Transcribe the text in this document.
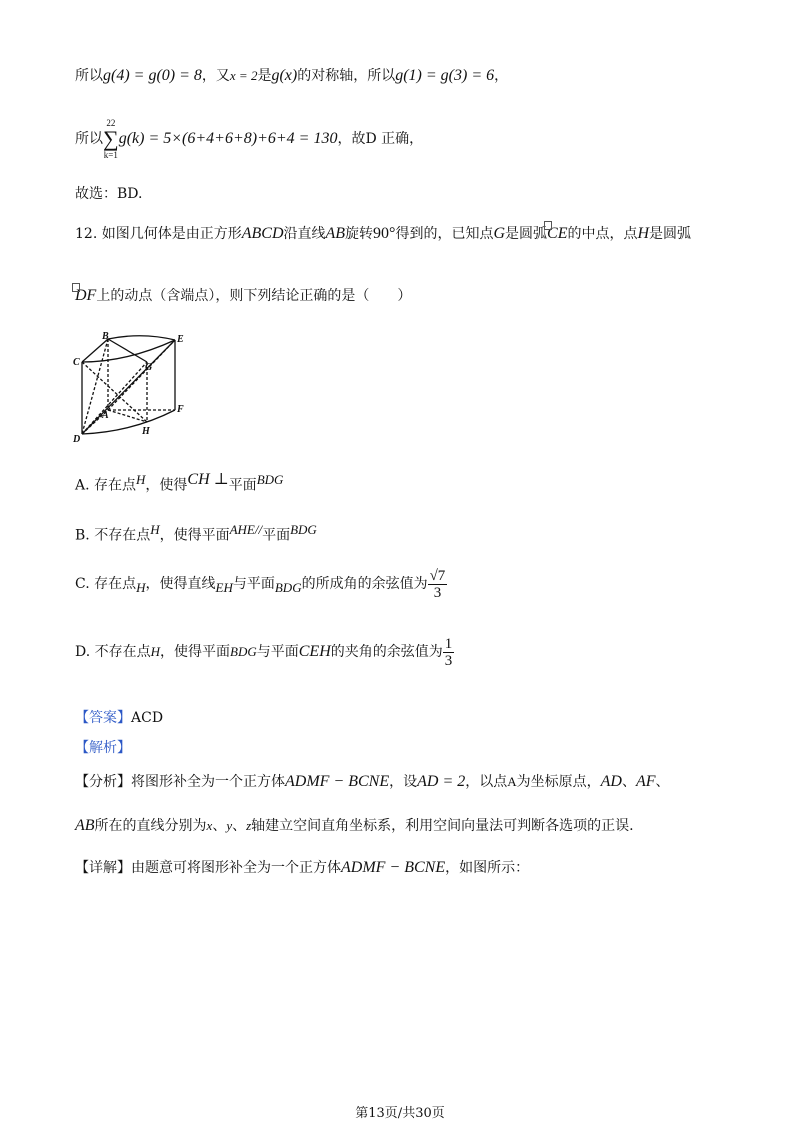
所以g(4) = g(0) = 8，又x = 2是g(x)的对称轴，所以g(1) = g(3) = 6，
所以
22
∑
k=1
g(k) = 5×(6+4+6+8)+6+4 = 130，故D 正确，
故选：BD.
12. 如图几何体是由正方形ABCD沿直线AB旋转90°得到的，已知点G是圆弧CE的中点，点H是圆弧
DF上的动点（含端点），则下列结论正确的是（　　）
B	E
C	G
A
F
D
H
A. 存在点H，使得CH ⊥平面BDG
B. 不存在点H，使得平面AHE//平面BDG
C. 存在点H，使得直线EH与平面BDG的所成角的余弦值为 $\frac{√7}{3}$
D. 不存在点H，使得平面BDG与平面CEH的夹角的余弦值为 $\frac{1}{3}$
【答案】ACD
【解析】
【分析】将图形补全为一个正方体ADMF − BCNE，设AD = 2，以点A为坐标原点，AD、AF、
AB所在的直线分别为x、y、z轴建立空间直角坐标系，利用空间向量法可判断各选项的正误.
【详解】由题意可将图形补全为一个正方体ADMF − BCNE，如图所示：
第13页/共30页
